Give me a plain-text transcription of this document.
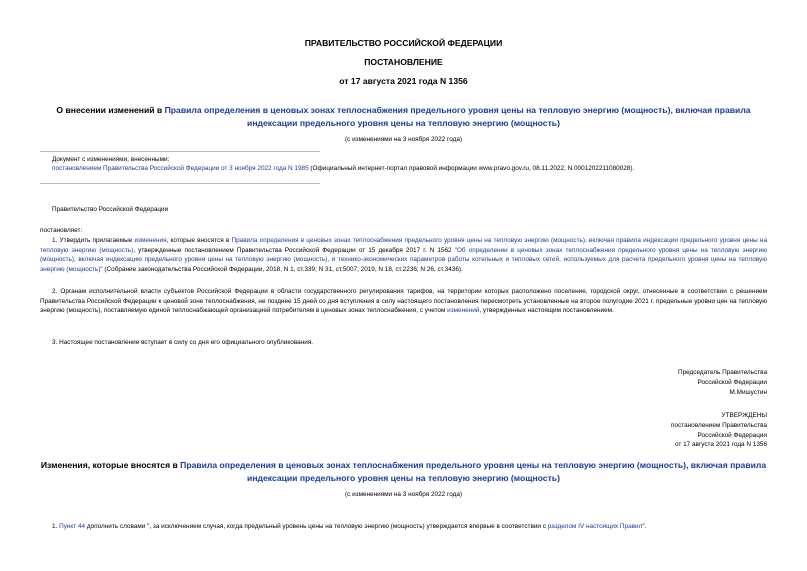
ПРАВИТЕЛЬСТВО РОССИЙСКОЙ ФЕДЕРАЦИИ
ПОСТАНОВЛЕНИЕ
от 17 августа 2021 года N 1356
О внесении изменений в Правила определения в ценовых зонах теплоснабжения предельного уровня цены на тепловую энергию (мощность), включая правила индексации предельного уровня цены на тепловую энергию (мощность)
(с изменениями на 3 ноября 2022 года)
Документ с изменениями, внесенными:
постановлением Правительства Российской Федерации от 3 ноября 2022 года N 1985 (Официальный интернет-портал правовой информации www.pravo.gov.ru, 08.11.2022, N 0001202211080028).
Правительство Российской Федерации
постановляет:
1. Утвердить прилагаемые изменения, которые вносятся в Правила определения в ценовых зонах теплоснабжения предельного уровня цены на тепловую энергию (мощность), включая правила индексации предельного уровня цены на тепловую энергию (мощность), утвержденные постановлением Правительства Российской Федерации от 15 декабря 2017 г. N 1562 "Об определении в ценовых зонах теплоснабжения предельного уровня цены на тепловую энергию (мощность), включая индексацию предельного уровня цены на тепловую энергию (мощность), и технико-экономических параметров работы котельных и тепловых сетей, используемых для расчета предельного уровня цены на тепловую энергию (мощность)" (Собрание законодательства Российской Федерации, 2018, N 1, ст.339; N 31, ст.5007; 2019, N 18, ст.2236; N 26, ст.3436).
2. Органам исполнительной власти субъектов Российской Федерации в области государственного регулирования тарифов, на территории которых расположено поселение, городской округ, отнесенные в соответствии с решением Правительства Российской Федерации к ценовой зоне теплоснабжения, не позднее 15 дней со дня вступления в силу настоящего постановления пересмотреть установленные на второе полугодие 2021 г. предельные уровни цен на тепловую энергию (мощность), поставляемую единой теплоснабжающей организацией потребителям в ценовых зонах теплоснабжения, с учетом изменений, утвержденных настоящим постановлением.
3. Настоящее постановление вступает в силу со дня его официального опубликования.
Председатель Правительства
Российской Федерации
М.Мишустин
УТВЕРЖДЕНЫ
постановлением Правительства
Российской Федерации
от 17 августа 2021 года N 1356
Изменения, которые вносятся в Правила определения в ценовых зонах теплоснабжения предельного уровня цены на тепловую энергию (мощность), включая правила индексации предельного уровня цены на тепловую энергию (мощность)
(с изменениями на 3 ноября 2022 года)
1. Пункт 44 дополнить словами ", за исключением случая, когда предельный уровень цены на тепловую энергию (мощность) утверждается впервые в соответствии с разделом IV настоящих Правил".
